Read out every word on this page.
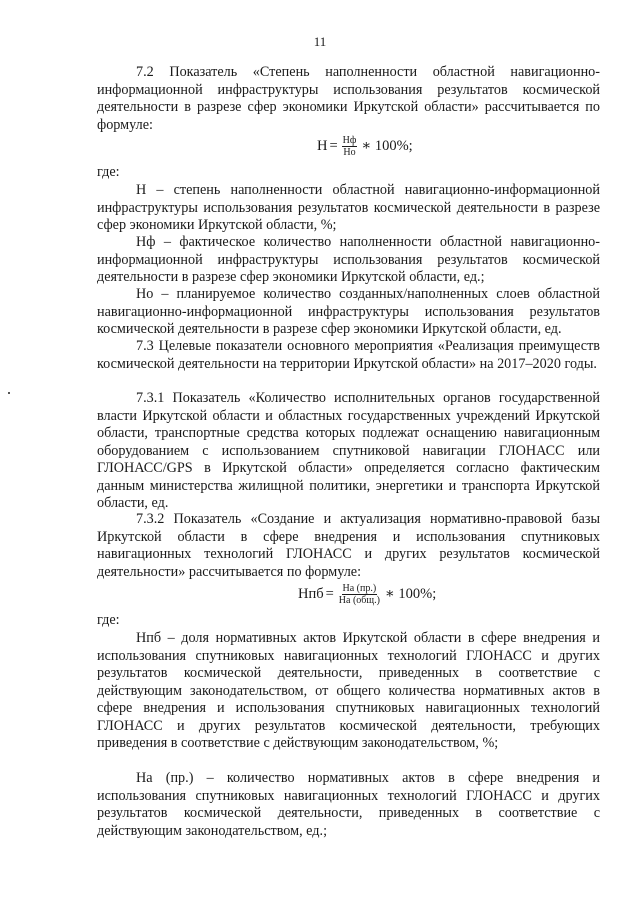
11

7.2 Показатель «Степень наполненности областной навигационно-информационной инфраструктуры использования результатов космической деятельности в разрезе сфер экономики Иркутской области» рассчитывается по формуле:

$Н = \frac{Нф}{Но}$ ∗ 100%;

где:

Н – степень наполненности областной навигационно-информационной инфраструктуры использования результатов космической деятельности в разрезе сфер экономики Иркутской области, %;

Нф – фактическое количество наполненности областной навигационно-информационной инфраструктуры использования результатов космической деятельности в разрезе сфер экономики Иркутской области, ед.;

Но – планируемое количество созданных/наполненных слоев областной навигационно-информационной инфраструктуры использования результатов космической деятельности в разрезе сфер экономики Иркутской области, ед.

7.3 Целевые показатели основного мероприятия «Реализация преимуществ космической деятельности на территории Иркутской области» на 2017–2020 годы.

7.3.1 Показатель «Количество исполнительных органов государственной власти Иркутской области и областных государственных учреждений Иркутской области, транспортные средства которых подлежат оснащению навигационным оборудованием с использованием спутниковой навигации ГЛОНАСС или ГЛОНАСС/GPS в Иркутской области» определяется согласно фактическим данным министерства жилищной политики, энергетики и транспорта Иркутской области, ед.

7.3.2 Показатель «Создание и актуализация нормативно-правовой базы Иркутской области в сфере внедрения и использования спутниковых навигационных технологий ГЛОНАСС и других результатов космической деятельности» рассчитывается по формуле:

Нпб = $\frac{На (пр.)}{\text{На (общ.)}}$ ∗ 100%;

где:

Нпб – доля нормативных актов Иркутской области в сфере внедрения и использования спутниковых навигационных технологий ГЛОНАСС и других результатов космической деятельности, приведенных в соответствие с действующим законодательством, от общего количества нормативных актов в сфере внедрения и использования спутниковых навигационных технологий ГЛОНАСС и других результатов космической деятельности, требующих приведения в соответствие с действующим законодательством, %;

На (пр.) – количество нормативных актов в сфере внедрения и использования спутниковых навигационных технологий ГЛОНАСС и других результатов космической деятельности, приведенных в соответствие с действующим законодательством, ед.;
